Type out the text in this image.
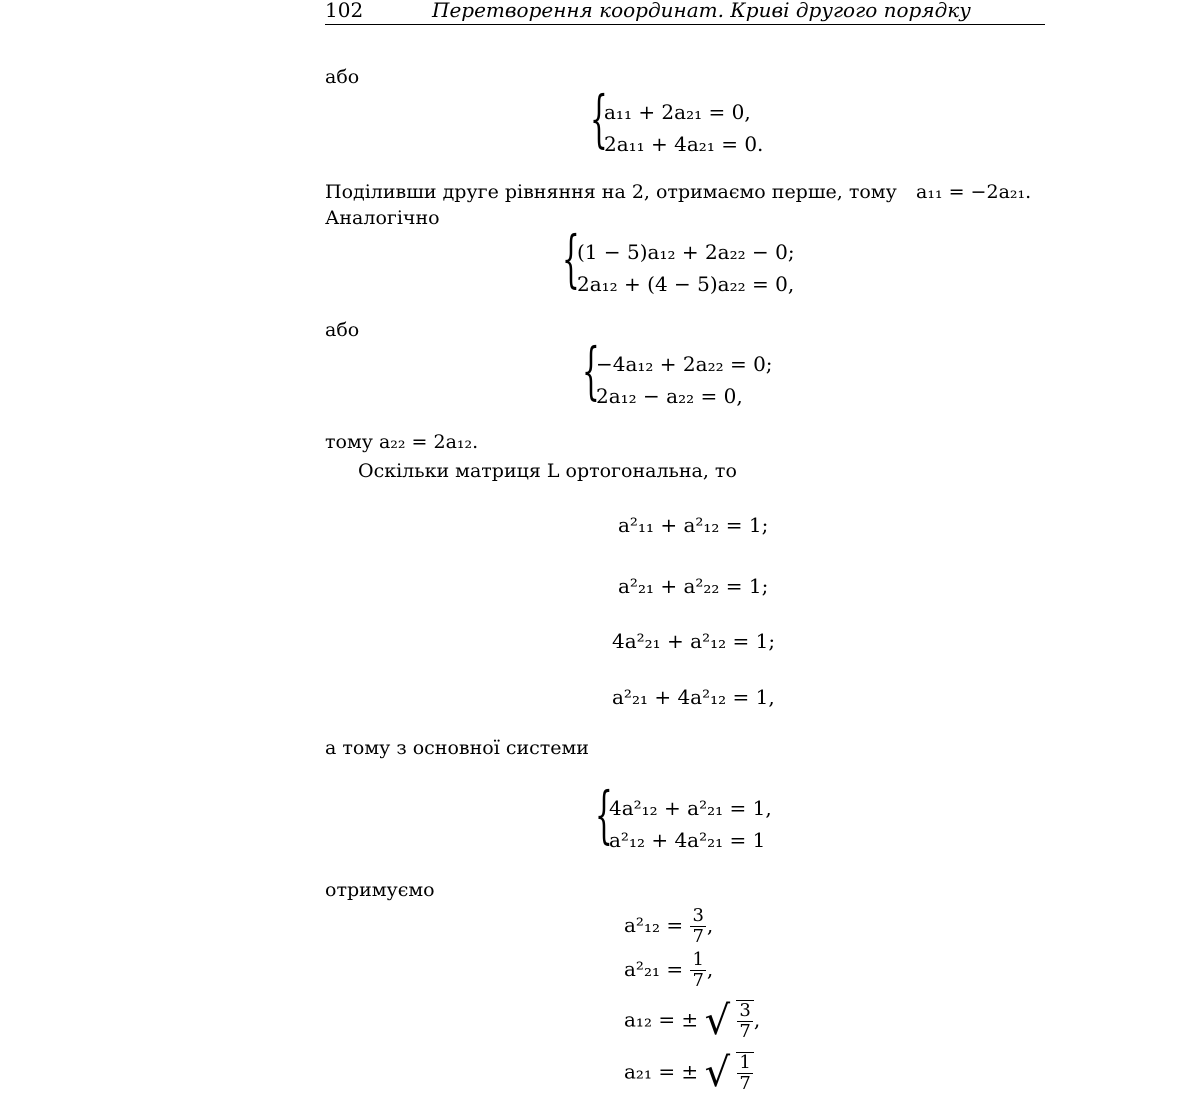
102	Перетворення координат. Криві другого порядку
або
{
a₁₁ + 2a₂₁ = 0,
2a₁₁ + 4a₂₁ = 0.
Поділивши друге рівняння на 2, отримаємо перше, тому a₁₁ = −2a₂₁.
Аналогічно
{
(1 − 5)a₁₂ + 2a₂₂ − 0;
2a₁₂ + (4 − 5)a₂₂ = 0,
або
{
−4a₁₂ + 2a₂₂ = 0;
2a₁₂ − a₂₂ = 0,
тому a₂₂ = 2a₁₂.
Оскільки матриця L ортогональна, то
a²₁₁ + a²₁₂ = 1;
a²₂₁ + a²₂₂ = 1;
4a²₂₁ + a²₁₂ = 1;
a²₂₁ + 4a²₁₂ = 1,
а тому з основної системи
{
4a²₁₂ + a²₂₁ = 1,
a²₁₂ + 4a²₂₁ = 1
отримуємо
$a^2_{12} = \frac{3}{7}$ ,
$a^2_{21} = \frac{1}{7}$ ,
a₁₂ = ± √ $\frac{3}{7}$ ,
a₂₁ = ± √ $\frac{1}{7}$
